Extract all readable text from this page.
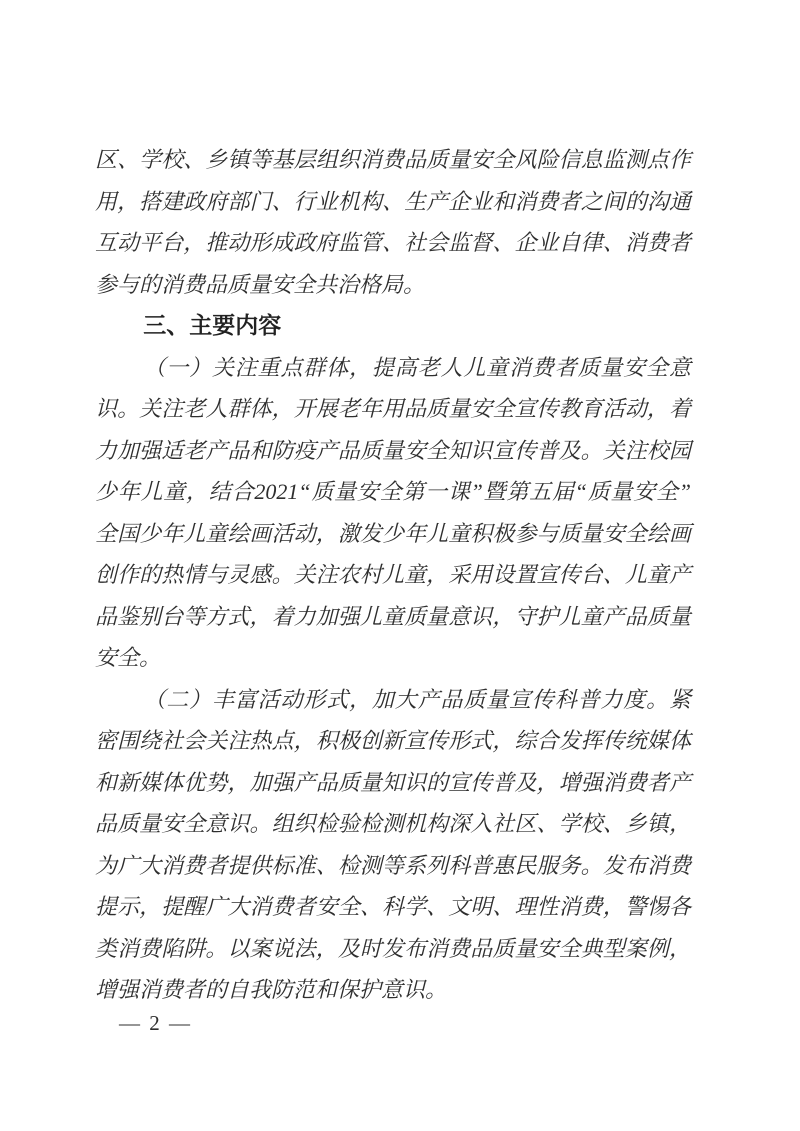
区、学校、乡镇等基层组织消费品质量安全风险信息监测点作用，搭建政府部门、行业机构、生产企业和消费者之间的沟通互动平台，推动形成政府监管、社会监督、企业自律、消费者参与的消费品质量安全共治格局。

三、主要内容

（一）关注重点群体，提高老人儿童消费者质量安全意识。关注老人群体，开展老年用品质量安全宣传教育活动，着力加强适老产品和防疫产品质量安全知识宣传普及。关注校园少年儿童，结合2021“质量安全第一课”暨第五届“质量安全”全国少年儿童绘画活动，激发少年儿童积极参与质量安全绘画创作的热情与灵感。关注农村儿童，采用设置宣传台、儿童产品鉴别台等方式，着力加强儿童质量意识，守护儿童产品质量安全。

（二）丰富活动形式，加大产品质量宣传科普力度。紧密围绕社会关注热点，积极创新宣传形式，综合发挥传统媒体和新媒体优势，加强产品质量知识的宣传普及，增强消费者产品质量安全意识。组织检验检测机构深入社区、学校、乡镇，为广大消费者提供标准、检测等系列科普惠民服务。发布消费提示，提醒广大消费者安全、科学、文明、理性消费，警惕各类消费陷阱。以案说法，及时发布消费品质量安全典型案例，增强消费者的自我防范和保护意识。

— 2 —
